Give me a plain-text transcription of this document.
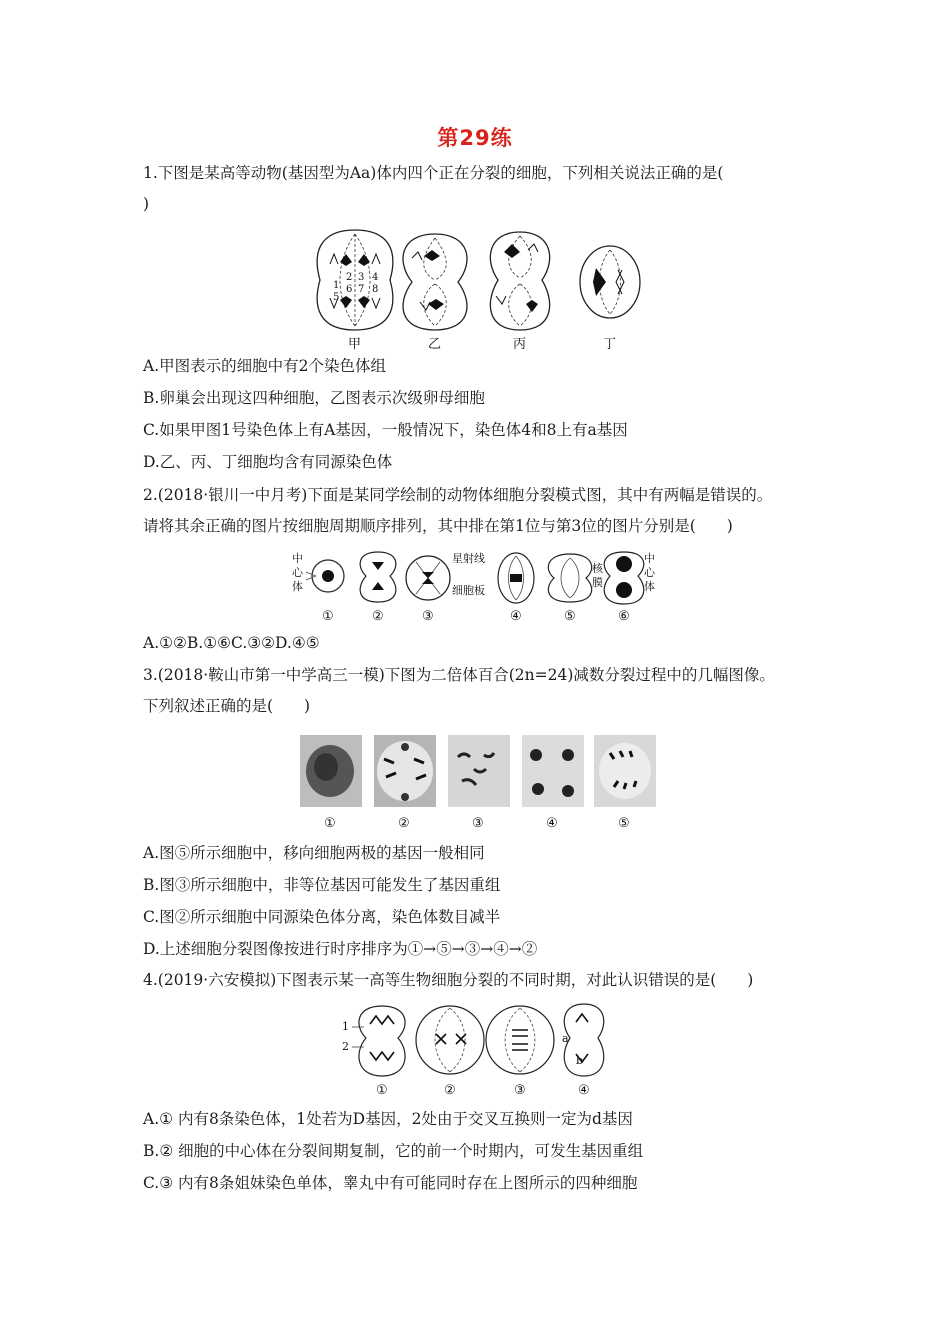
第29练
1.下图是某高等动物(基因型为Aa)体内四个正在分裂的细胞，下列相关说法正确的是(
)
1
2 3 4
5
6 7 8
甲	乙	丙	丁
A.甲图表示的细胞中有2个染色体组
B.卵巢会出现这四种细胞，乙图表示次级卵母细胞
C.如果甲图1号染色体上有A基因，一般情况下，染色体4和8上有a基因
D.乙、丙、丁细胞均含有同源染色体
2.(2018·银川一中月考)下面是某同学绘制的动物体细胞分裂模式图，其中有两幅是错误的。
请将其余正确的图片按细胞周期顺序排列，其中排在第1位与第3位的图片分别是(　　)
中
心
体
星射线
细胞板
核
膜
中
心
体
①	②	③	④	⑤	⑥
A.①②B.①⑥C.③②D.④⑤
3.(2018·鞍山市第一中学高三一模)下图为二倍体百合(2n=24)减数分裂过程中的几幅图像。
下列叙述正确的是(　　)
①	②	③	④	⑤
A.图⑤所示细胞中，移向细胞两极的基因一般相同
B.图③所示细胞中，非等位基因可能发生了基因重组
C.图②所示细胞中同源染色体分离，染色体数目减半
D.上述细胞分裂图像按进行时序排序为①→⑤→③→④→②
4.(2019·六安模拟)下图表示某一高等生物细胞分裂的不同时期，对此认识错误的是(　　)
1
2
a
b
①	②	③	④
A.① 内有8条染色体，1处若为D基因，2处由于交叉互换则一定为d基因
B.② 细胞的中心体在分裂间期复制，它的前一个时期内，可发生基因重组
C.③ 内有8条姐妹染色单体，睾丸中有可能同时存在上图所示的四种细胞
